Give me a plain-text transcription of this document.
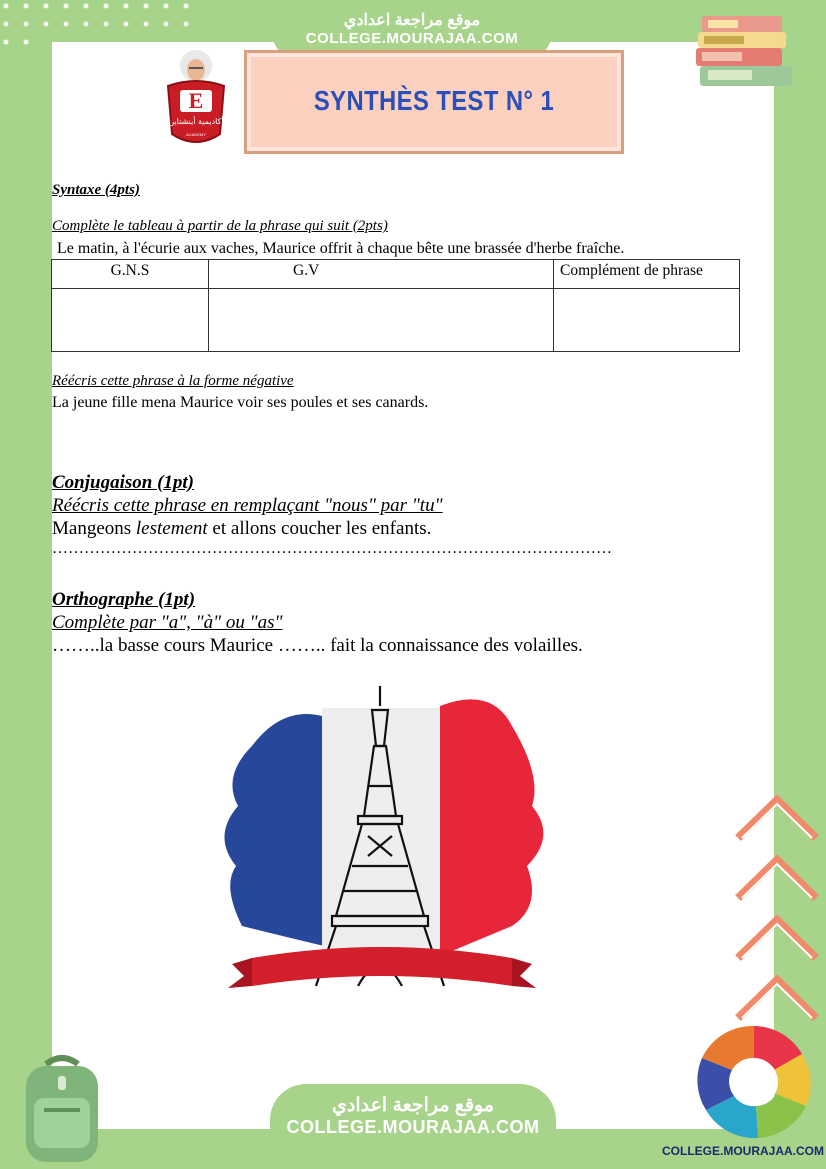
موقع مراجعة اعدادي
COLLEGE.MOURAJAA.COM
E
أكاديمية أينشتاين
ACADEMY
SYNTHÈS TEST N° 1
Syntaxe (4pts)
Complète le tableau à partir de la phrase qui suit (2pts)
Le matin, à l'écurie aux vaches, Maurice offrit à chaque bête une brassée d'herbe fraîche.
G.N.S	G.V	Complément de phrase

Réécris cette phrase à la forme négative
La jeune fille mena Maurice voir ses poules et ses canards.
Conjugaison (1pt)
Réécris cette phrase en remplaçant "nous" par "tu"
Mangeons lestement et allons coucher les enfants.
……………………………………………………………………………………………
Orthographe (1pt)
Complète par "a", "à" ou "as"
……..la basse cours Maurice …….. fait la connaissance des volailles.
موقع مراجعة اعدادي
COLLEGE.MOURAJAA.COM
COLLEGE.MOURAJAA.COM
